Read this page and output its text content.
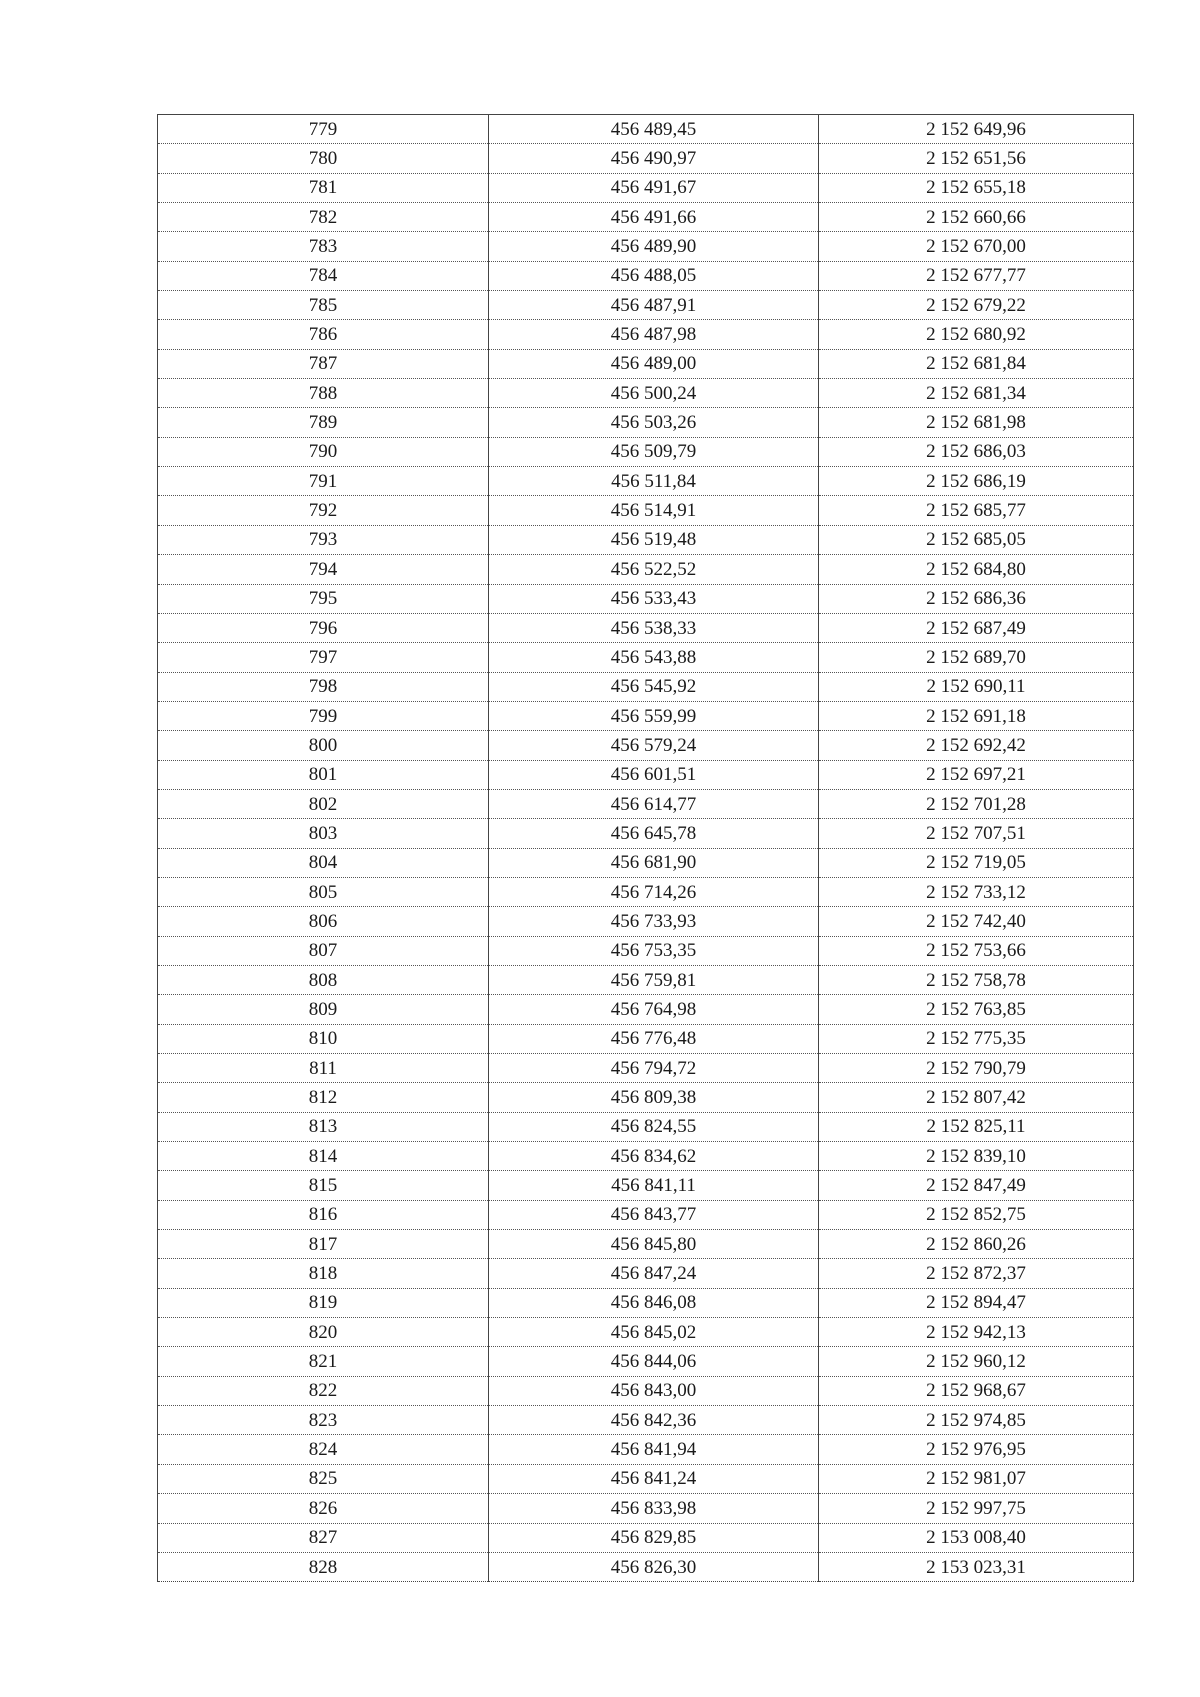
779	456 489,45	2 152 649,96
780	456 490,97	2 152 651,56
781	456 491,67	2 152 655,18
782	456 491,66	2 152 660,66
783	456 489,90	2 152 670,00
784	456 488,05	2 152 677,77
785	456 487,91	2 152 679,22
786	456 487,98	2 152 680,92
787	456 489,00	2 152 681,84
788	456 500,24	2 152 681,34
789	456 503,26	2 152 681,98
790	456 509,79	2 152 686,03
791	456 511,84	2 152 686,19
792	456 514,91	2 152 685,77
793	456 519,48	2 152 685,05
794	456 522,52	2 152 684,80
795	456 533,43	2 152 686,36
796	456 538,33	2 152 687,49
797	456 543,88	2 152 689,70
798	456 545,92	2 152 690,11
799	456 559,99	2 152 691,18
800	456 579,24	2 152 692,42
801	456 601,51	2 152 697,21
802	456 614,77	2 152 701,28
803	456 645,78	2 152 707,51
804	456 681,90	2 152 719,05
805	456 714,26	2 152 733,12
806	456 733,93	2 152 742,40
807	456 753,35	2 152 753,66
808	456 759,81	2 152 758,78
809	456 764,98	2 152 763,85
810	456 776,48	2 152 775,35
811	456 794,72	2 152 790,79
812	456 809,38	2 152 807,42
813	456 824,55	2 152 825,11
814	456 834,62	2 152 839,10
815	456 841,11	2 152 847,49
816	456 843,77	2 152 852,75
817	456 845,80	2 152 860,26
818	456 847,24	2 152 872,37
819	456 846,08	2 152 894,47
820	456 845,02	2 152 942,13
821	456 844,06	2 152 960,12
822	456 843,00	2 152 968,67
823	456 842,36	2 152 974,85
824	456 841,94	2 152 976,95
825	456 841,24	2 152 981,07
826	456 833,98	2 152 997,75
827	456 829,85	2 153 008,40
828	456 826,30	2 153 023,31
